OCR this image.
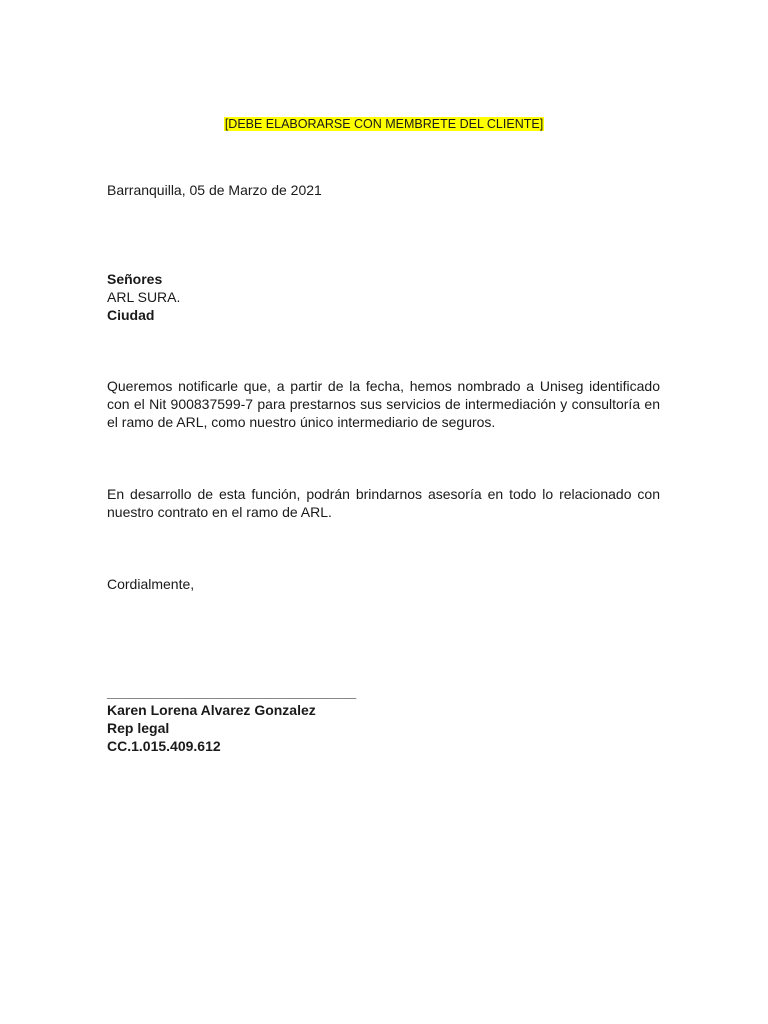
[DEBE ELABORARSE CON MEMBRETE DEL CLIENTE]
Barranquilla, 05 de Marzo de 2021
Señores
ARL SURA.
Ciudad
Queremos notificarle que, a partir de la fecha, hemos nombrado a Uniseg identificado con el Nit 900837599-7 para prestarnos sus servicios de intermediación y consultoría en el ramo de ARL, como nuestro único intermediario de seguros.
En desarrollo de esta función, podrán brindarnos asesoría en todo lo relacionado con nuestro contrato en el ramo de ARL.
Cordialmente,
________________________________
Karen Lorena Alvarez Gonzalez
Rep legal
CC.1.015.409.612
